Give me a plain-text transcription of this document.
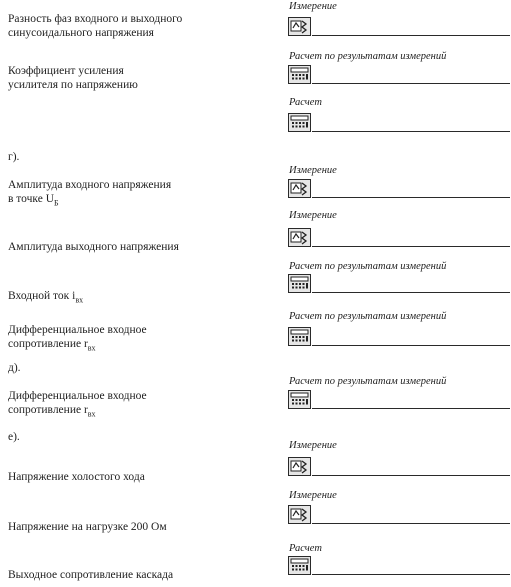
Разность фаз входного и выходного
синусоидального напряжения
Измерение
Коэффициент усиления
усилителя по напряжению
Расчет по результатам измерений
Расчет
г).
Амплитуда входного напряжения
в точке $U_Б$
Измерение
Амплитуда выходного напряжения
Измерение
Входной ток $i_{вх}$
Расчет по результатам измерений
Дифференциальное входное
сопротивление $r_{вх}$
Расчет по результатам измерений
д).
Дифференциальное входное
сопротивление $r_{вх}$
Расчет по результатам измерений
е).
Напряжение холостого хода
Измерение
Напряжение на нагрузке 200 Ом
Измерение
Выходное сопротивление каскада
Расчет
